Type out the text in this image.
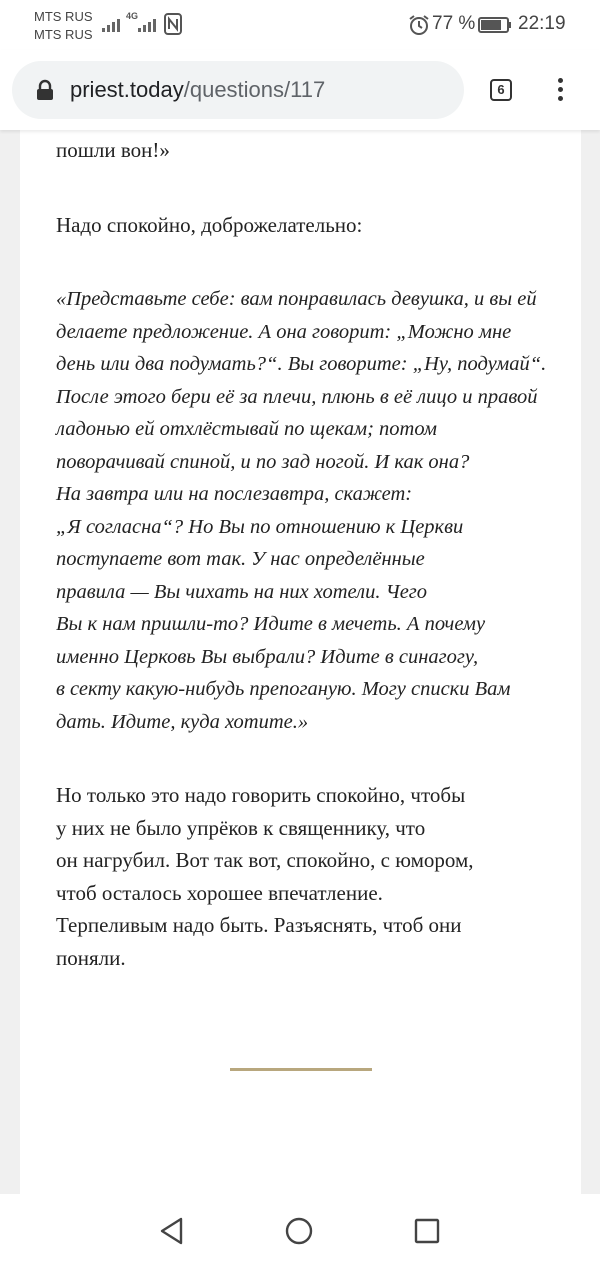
MTS RUS
MTS RUS
4G	77 % 22:19
priest.today/questions/117	6

пошли вон!»

Надо спокойно, доброжелательно:

«Представьте себе: вам понравилась девушка, и вы ей
делаете предложение. А она говорит: „Можно мне
день или два подумать?“. Вы говорите: „Ну, подумай“.
После этого бери её за плечи, плюнь в её лицо и правой
ладонью ей отхлёстывай по щекам; потом
поворачивай спиной, и по зад ногой. И как она?
На завтра или на послезавтра, скажет:
„Я согласна“? Но Вы по отношению к Церкви
поступаете вот так. У нас определённые
правила — Вы чихать на них хотели. Чего
Вы к нам пришли-то? Идите в мечеть. А почему
именно Церковь Вы выбрали? Идите в синагогу,
в секту какую-нибудь препоганую. Могу списки Вам
дать. Идите, куда хотите.»

Но только это надо говорить спокойно, чтобы
у них не было упрёков к священнику, что
он нагрубил. Вот так вот, спокойно, с юмором,
чтоб осталось хорошее впечатление.
Терпеливым надо быть. Разъяснять, чтоб они
поняли.
